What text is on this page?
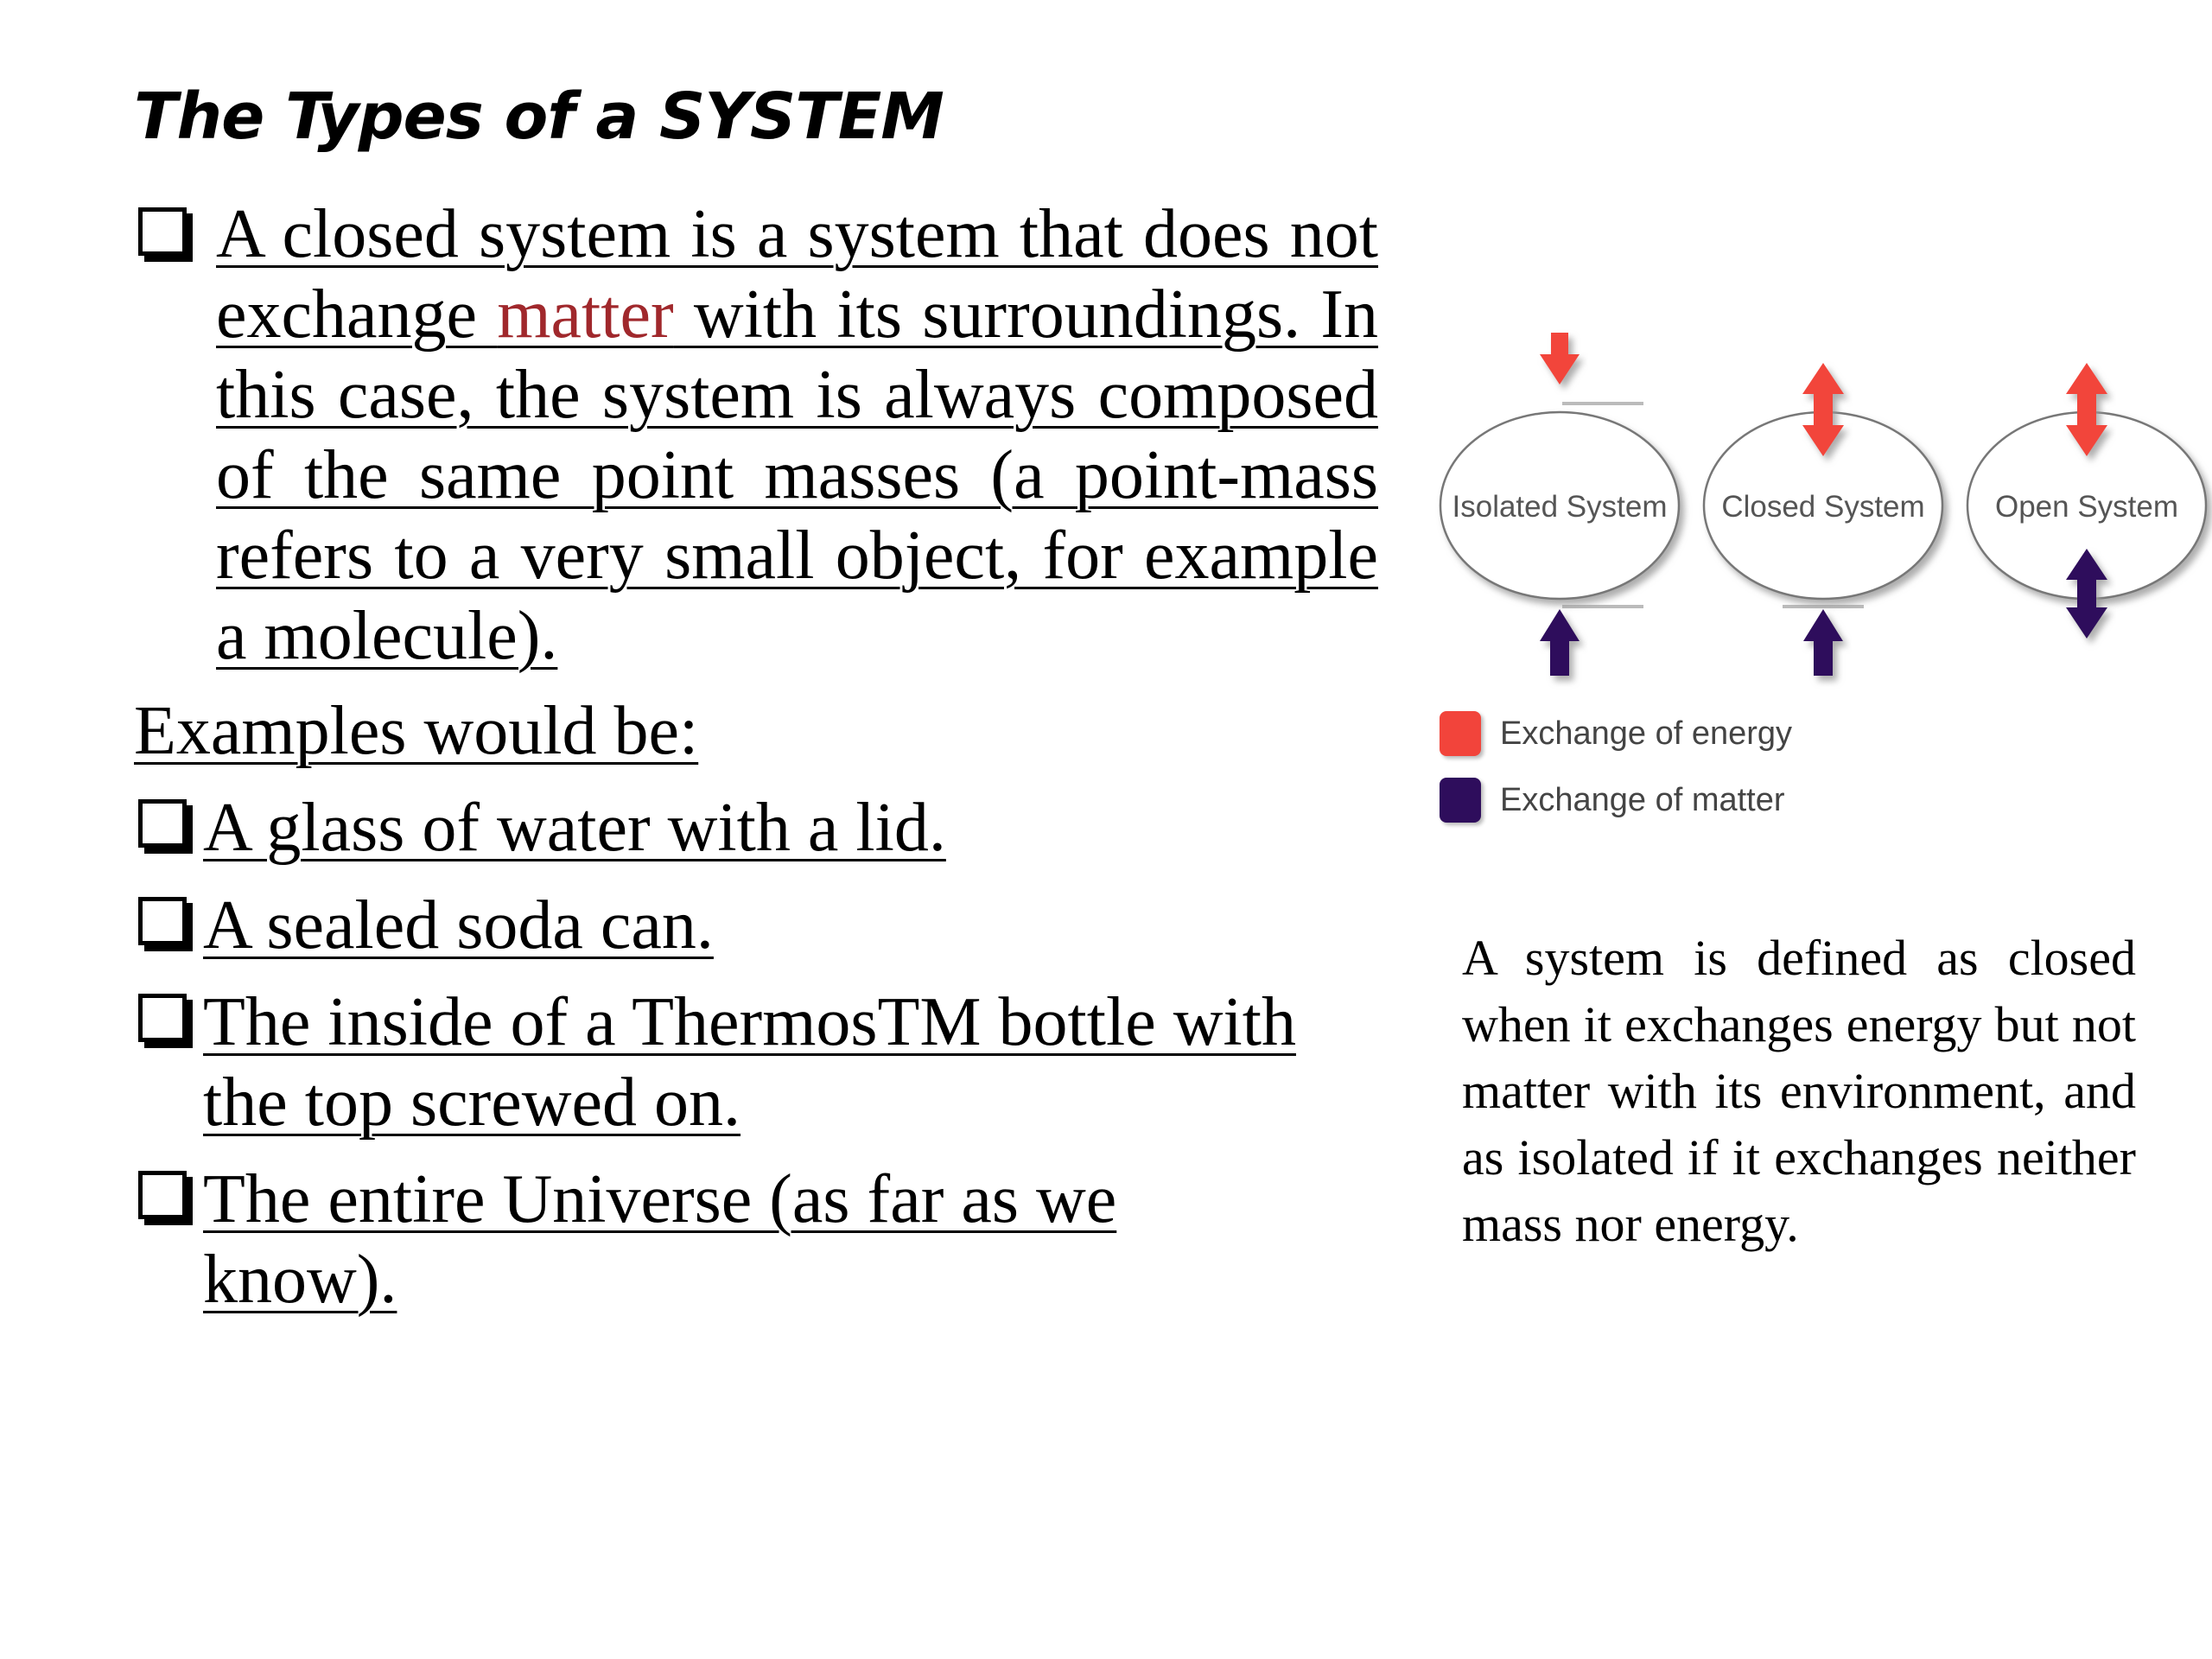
The Types of a SYSTEM
A closed system is a system that does not exchange matter with its surroundings. In this case, the system is always composed of the same point masses (a point-mass refers to a very small object, for example a molecule).
Examples would be:
A glass of water with a lid.
A sealed soda can.
The inside of a ThermosTM bottle with
the top screwed on.
The entire Universe (as far as we
know).
Isolated System Closed System Open System
Exchange of energy
Exchange of matter
A system is defined as closed when it exchanges energy but not matter with its environment, and as isolated if it exchanges neither mass nor energy.
